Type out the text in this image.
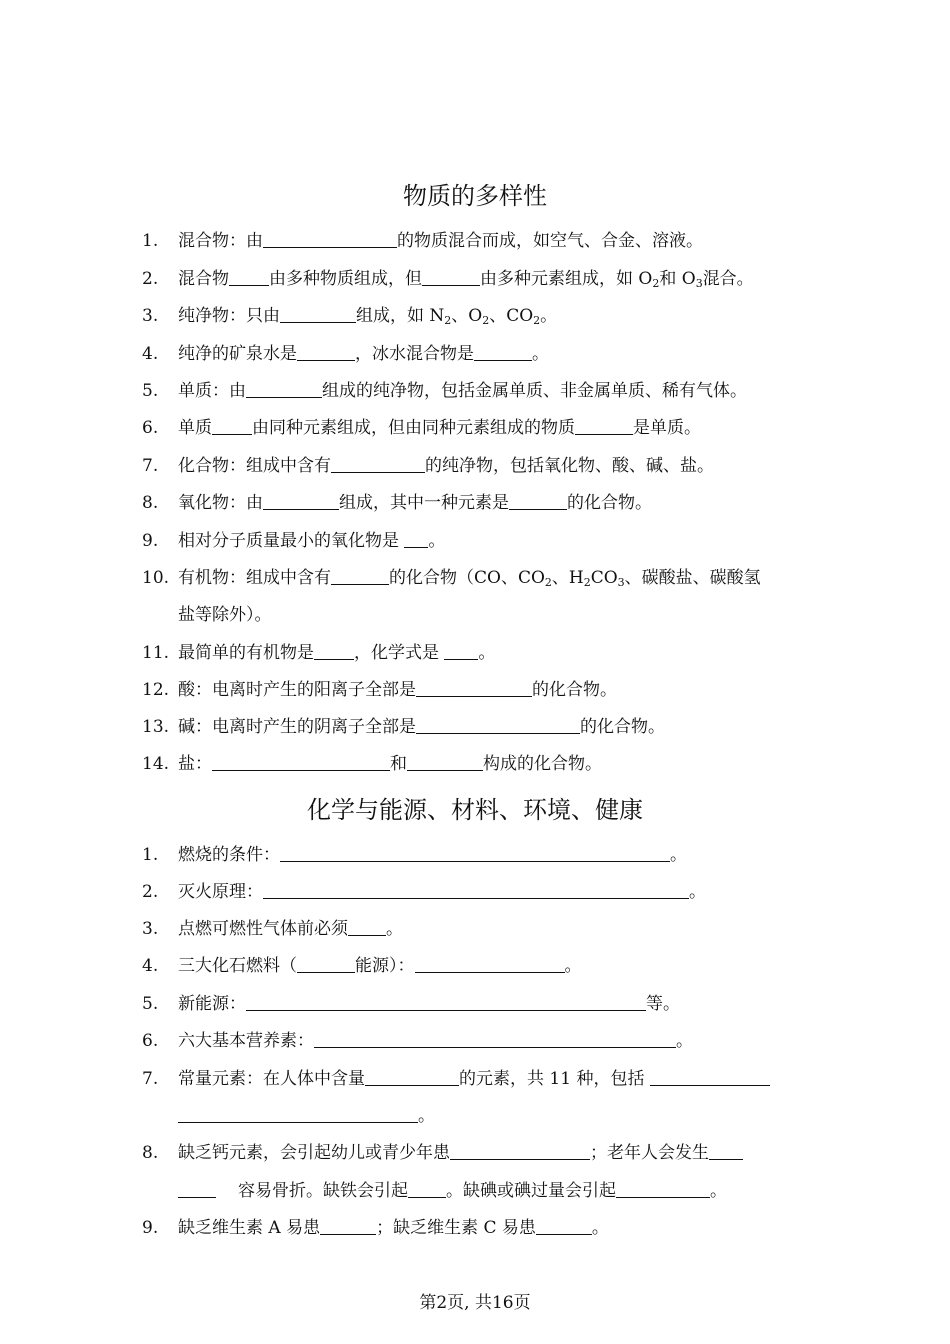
物质的多样性
1. 混合物：由	的物质混合而成，如空气、合金、溶液。
2. 混合物 由多种物质组成，但	由多种元素组成，如 $O_2$和 $O_3$混合。
3. 纯净物：只由	组成，如 $N_2$、$O_2$、$CO_2$。
4. 纯净的矿泉水是	，冰水混合物是	。
5. 单质：由	组成的纯净物，包括金属单质、非金属单质、稀有气体。
6. 单质 由同种元素组成，但由同种元素组成的物质	是单质。
7. 化合物：组成中含有	的纯净物，包括氧化物、酸、碱、盐。
8. 氧化物：由	组成，其中一种元素是	的化合物。
9. 相对分子质量最小的氧化物是 。
10. 有机物：组成中含有	的化合物（CO、$CO_2$、$H_2CO_3$、碳酸盐、碳酸氢
盐等除外）。
11. 最简单的有机物是 ，化学式是 。
12. 酸：电离时产生的阳离子全部是	的化合物。
13. 碱：电离时产生的阴离子全部是	的化合物。
14. 盐：	和	构成的化合物。
化学与能源、材料、环境、健康
1. 燃烧的条件：	。
2. 灭火原理：	。
3. 点燃可燃性气体前必须 。
4. 三大化石燃料（	能源）：	。
5. 新能源：	等。
6. 六大基本营养素：	。
7. 常量元素：在人体中含量	的元素，共 11 种，包括
。
8. 缺乏钙元素，会引起幼儿或青少年患	；老年人会发生
容易骨折。缺铁会引起 。缺碘或碘过量会引起	。
9. 缺乏维生素 A 易患	；缺乏维生素 C 易患	。
第2页, 共16页
